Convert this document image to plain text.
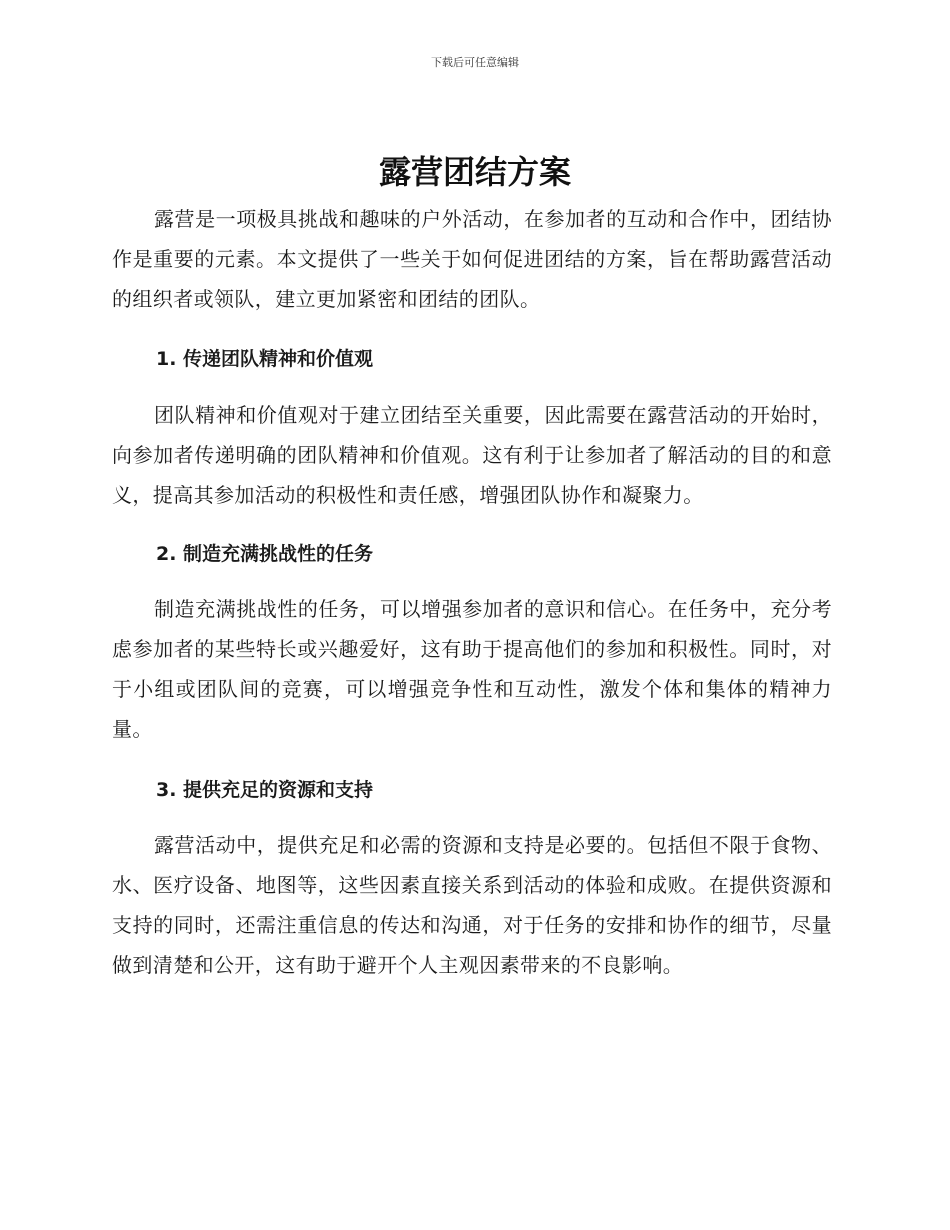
下载后可任意编辑
露营团结方案

露营是一项极具挑战和趣味的户外活动，在参加者的互动和合作中，团结协作是重要的元素。本文提供了一些关于如何促进团结的方案，旨在帮助露营活动的组织者或领队，建立更加紧密和团结的团队。

1. 传递团队精神和价值观

团队精神和价值观对于建立团结至关重要，因此需要在露营活动的开始时，向参加者传递明确的团队精神和价值观。这有利于让参加者了解活动的目的和意义，提高其参加活动的积极性和责任感，增强团队协作和凝聚力。

2. 制造充满挑战性的任务

制造充满挑战性的任务，可以增强参加者的意识和信心。在任务中，充分考虑参加者的某些特长或兴趣爱好，这有助于提高他们的参加和积极性。同时，对于小组或团队间的竞赛，可以增强竞争性和互动性，激发个体和集体的精神力量。

3. 提供充足的资源和支持

露营活动中，提供充足和必需的资源和支持是必要的。包括但不限于食物、水、医疗设备、地图等，这些因素直接关系到活动的体验和成败。在提供资源和支持的同时，还需注重信息的传达和沟通，对于任务的安排和协作的细节，尽量做到清楚和公开，这有助于避开个人主观因素带来的不良影响。
